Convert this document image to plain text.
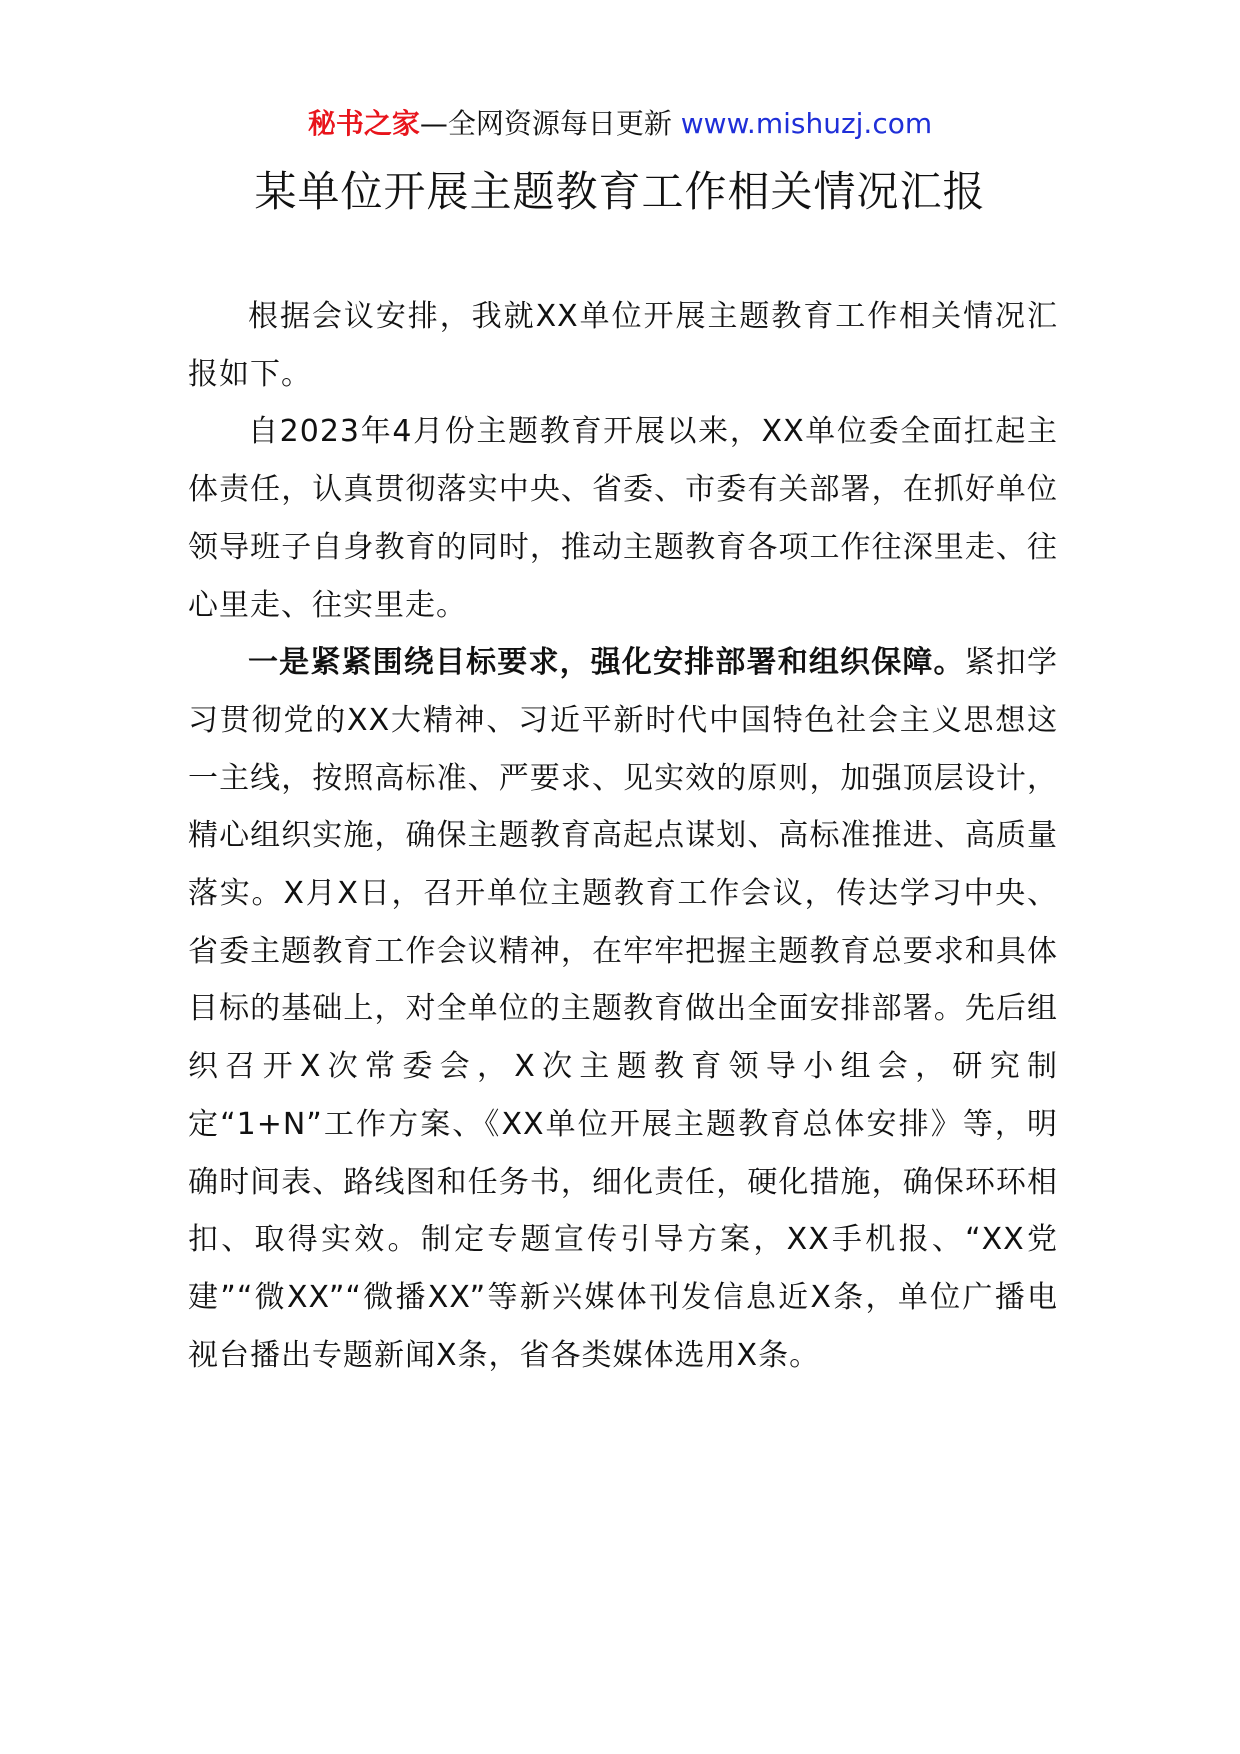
秘书之家—全网资源每日更新 www.mishuzj.com
某单位开展主题教育工作相关情况汇报

根据会议安排，我就XX单位开展主题教育工作相关情况汇报如下。

自2023年4月份主题教育开展以来，XX单位委全面扛起主体责任，认真贯彻落实中央、省委、市委有关部署，在抓好单位领导班子自身教育的同时，推动主题教育各项工作往深里走、往心里走、往实里走。

一是紧紧围绕目标要求，强化安排部署和组织保障。紧扣学习贯彻党的XX大精神、习近平新时代中国特色社会主义思想这一主线，按照高标准、严要求、见实效的原则，加强顶层设计，精心组织实施，确保主题教育高起点谋划、高标准推进、高质量落实。X月X日，召开单位主题教育工作会议，传达学习中央、省委主题教育工作会议精神，在牢牢把握主题教育总要求和具体目标的基础上，对全单位的主题教育做出全面安排部署。先后组织召开X次常委会，X次主题教育领导小组会，研究制定“1+N”工作方案、《XX单位开展主题教育总体安排》等，明确时间表、路线图和任务书，细化责任，硬化措施，确保环环相扣、取得实效。制定专题宣传引导方案，XX手机报、“XX党建”“微XX”“微播XX”等新兴媒体刊发信息近X条，单位广播电视台播出专题新闻X条，省各类媒体选用X条。
